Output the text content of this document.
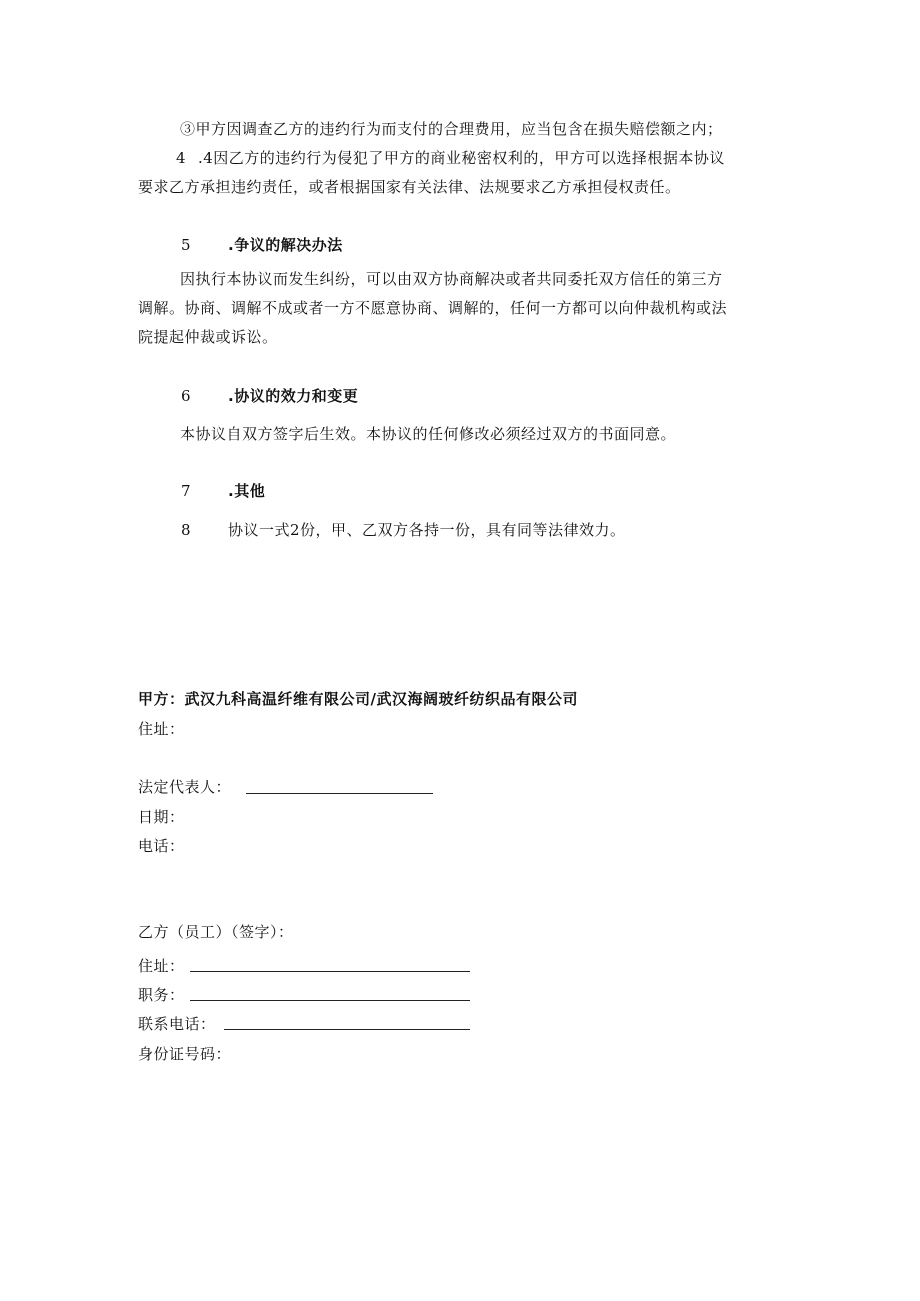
③甲方因调查乙方的违约行为而支付的合理费用，应当包含在损失赔偿额之内；
4 .4因乙方的违约行为侵犯了甲方的商业秘密权利的，甲方可以选择根据本协议
要求乙方承担违约责任，或者根据国家有关法律、法规要求乙方承担侵权责任。
5 .争议的解决办法
因执行本协议而发生纠纷，可以由双方协商解决或者共同委托双方信任的第三方
调解。协商、调解不成或者一方不愿意协商、调解的，任何一方都可以向仲裁机构或法
院提起仲裁或诉讼。
6 .协议的效力和变更
本协议自双方签字后生效。本协议的任何修改必须经过双方的书面同意。
7 .其他
8 协议一式2份，甲、乙双方各持一份，具有同等法律效力。
甲方：武汉九科高温纤维有限公司/武汉海阔玻纤纺织品有限公司
住址：
法定代表人：
日期：
电话：
乙方（员工）（签字）：
住址：
职务：
联系电话：
身份证号码：
